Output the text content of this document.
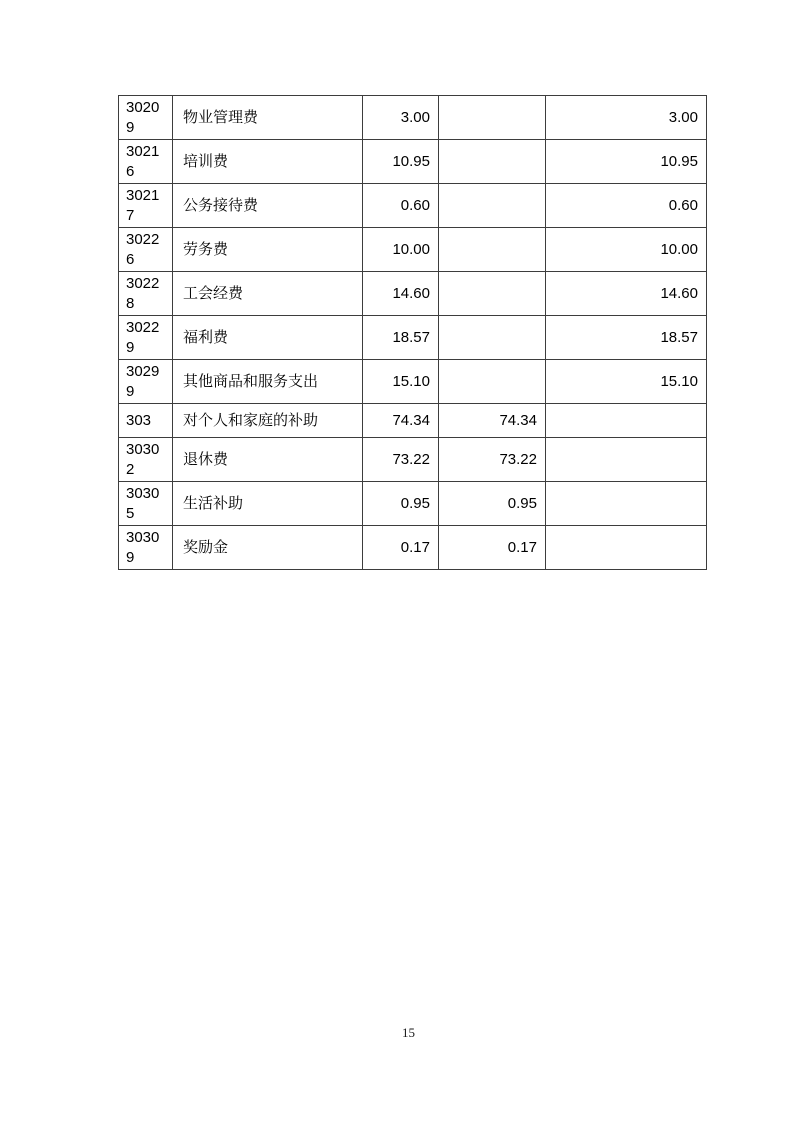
30209	物业管理费	3.00		3.00
30216	培训费	10.95		10.95
30217	公务接待费	0.60		0.60
30226	劳务费	10.00		10.00
30228	工会经费	14.60		14.60
30229	福利费	18.57		18.57
30299	其他商品和服务支出	15.10		15.10
303	对个人和家庭的补助	74.34	74.34	
30302	退休费	73.22	73.22	
30305	生活补助	0.95	0.95	
30309	奖励金	0.17	0.17	
15
